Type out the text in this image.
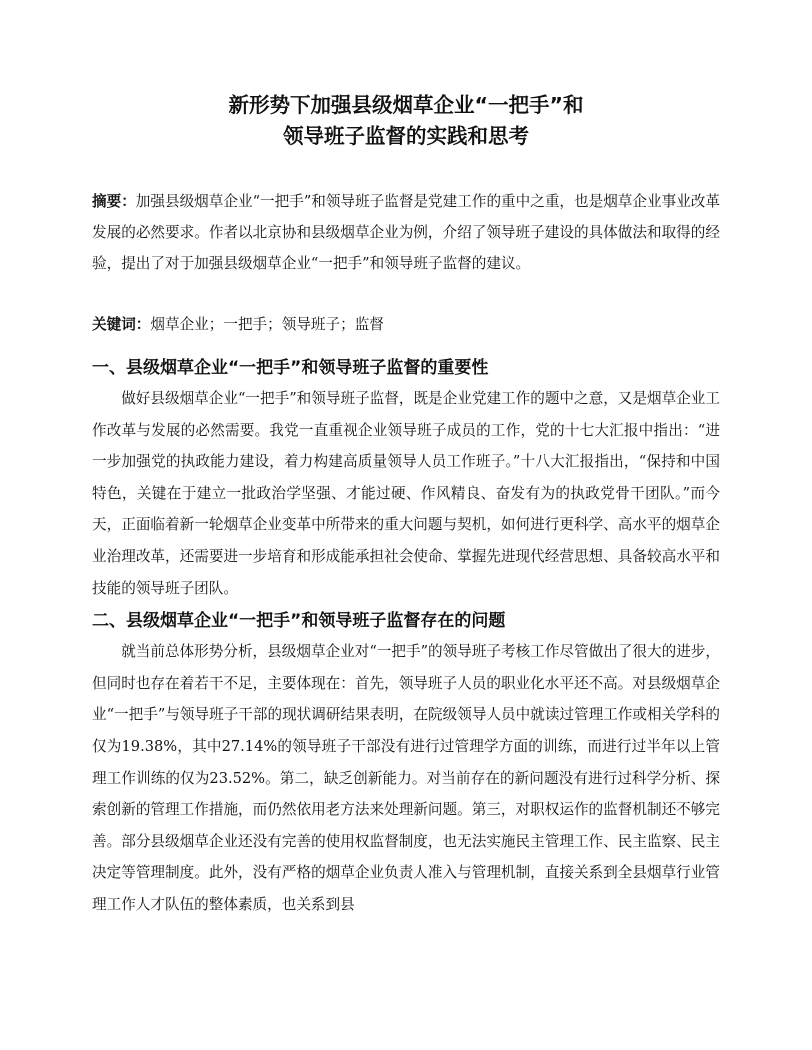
新形势下加强县级烟草企业“一把手”和
领导班子监督的实践和思考

摘要：加强县级烟草企业“一把手”和领导班子监督是党建工作的重中之重，也是烟草企业事业改革发展的必然要求。作者以北京协和县级烟草企业为例，介绍了领导班子建设的具体做法和取得的经验，提出了对于加强县级烟草企业“一把手”和领导班子监督的建议。

关键词：烟草企业；一把手；领导班子；监督

一、县级烟草企业“一把手”和领导班子监督的重要性

做好县级烟草企业“一把手”和领导班子监督，既是企业党建工作的题中之意，又是烟草企业工作改革与发展的必然需要。我党一直重视企业领导班子成员的工作，党的十七大汇报中指出：“进一步加强党的执政能力建设，着力构建高质量领导人员工作班子。”十八大汇报指出，“保持和中国特色，关键在于建立一批政治学坚强、才能过硬、作风精良、奋发有为的执政党骨干团队。”而今天，正面临着新一轮烟草企业变革中所带来的重大问题与契机，如何进行更科学、高水平的烟草企业治理改革，还需要进一步培育和形成能承担社会使命、掌握先进现代经营思想、具备较高水平和技能的领导班子团队。

二、县级烟草企业“一把手”和领导班子监督存在的问题

就当前总体形势分析，县级烟草企业对“一把手”的领导班子考核工作尽管做出了很大的进步，但同时也存在着若干不足，主要体现在：首先，领导班子人员的职业化水平还不高。对县级烟草企业“一把手”与领导班子干部的现状调研结果表明，在院级领导人员中就读过管理工作或相关学科的仅为19.38%，其中27.14%的领导班子干部没有进行过管理学方面的训练，而进行过半年以上管理工作训练的仅为23.52%。第二，缺乏创新能力。对当前存在的新问题没有进行过科学分析、探索创新的管理工作措施，而仍然依用老方法来处理新问题。第三，对职权运作的监督机制还不够完善。部分县级烟草企业还没有完善的使用权监督制度，也无法实施民主管理工作、民主监察、民主决定等管理制度。此外，没有严格的烟草企业负责人准入与管理机制，直接关系到全县烟草行业管理工作人才队伍的整体素质，也关系到县
